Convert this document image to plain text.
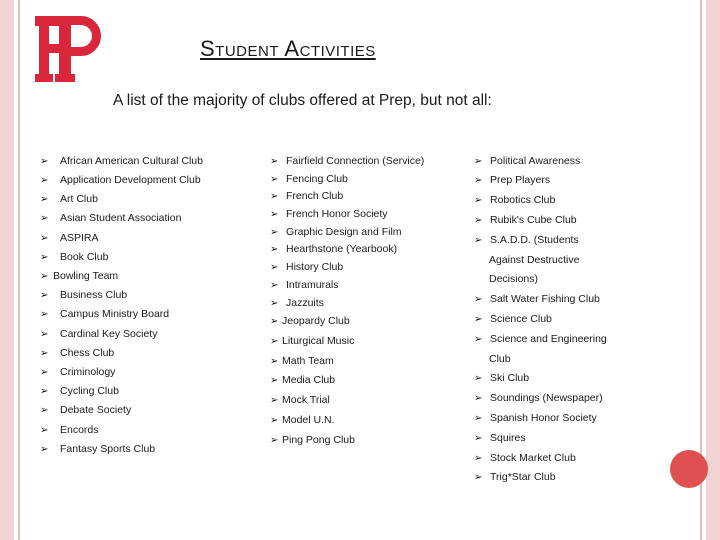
Student Activities

A list of the majority of clubs offered at Prep, but not all:

➢	African American Cultural Club
➢	Application Development Club
➢	Art Club
➢	Asian Student Association
➢	ASPIRA
➢	Book Club
➢ Bowling Team
➢	Business Club
➢	Campus Ministry Board
➢	Cardinal Key Society
➢	Chess Club
➢	Criminology
➢	Cycling Club
➢	Debate Society
➢	Encords
➢	Fantasy Sports Club
➢ Fairfield Connection (Service)
➢ Fencing Club
➢ French Club
➢ French Honor Society
➢ Graphic Design and Film
➢ Hearthstone (Yearbook)
➢ History Club
➢ Intramurals
➢ Jazzuits
➢ Jeopardy Club
➢ Liturgical Music
➢ Math Team
➢ Media Club
➢ Mock Trial
➢ Model U.N.
➢ Ping Pong Club
➢ Political Awareness
➢ Prep Players
➢ Robotics Club
➢ Rubik's Cube Club
➢ S.A.D.D. (Students
➢ Salt Water Fishing Club
➢ Science Club
➢ Science and Engineering
➢ Ski Club
➢ Soundings (Newspaper)
➢ Spanish Honor Society
➢ Squires
➢ Stock Market Club
➢ Trig*Star Club
Against Destructive
Decisions)
Club
